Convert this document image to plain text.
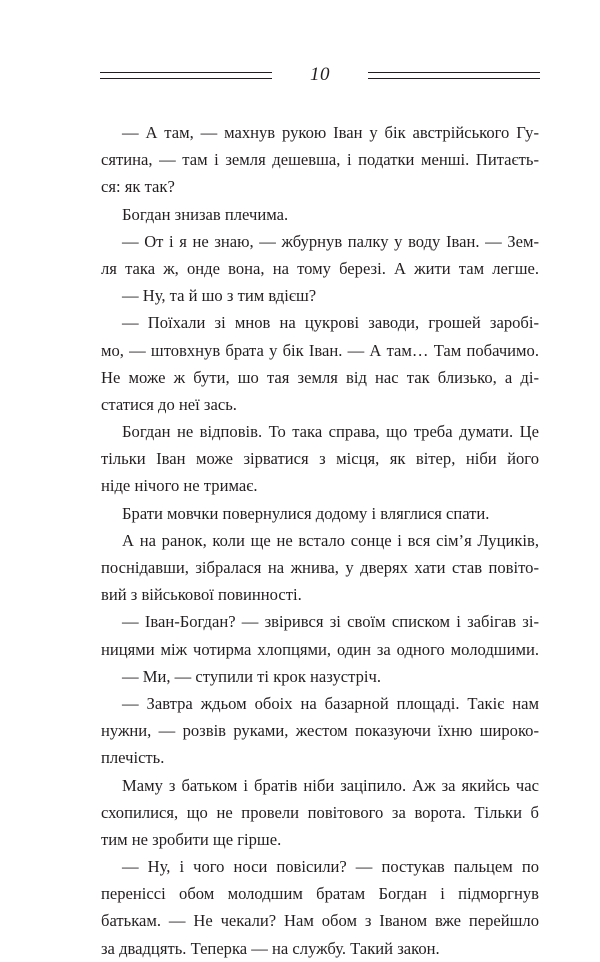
10
— А там, — махнув рукою Іван у бік австрійського Гу-
сятина, — там і земля дешевша, і податки менші. Питаєть-
ся: як так?
Богдан знизав плечима.
— От і я не знаю, — жбурнув палку у воду Іван. — Зем-
ля така ж, онде вона, на тому березі. А жити там легше.
— Ну, та й шо з тим вдієш?
— Поїхали зі мнов на цукрові заводи, грошей заробі-
мо, — штовхнув брата у бік Іван. — А там… Там побачимо.
Не може ж бути, шо тая земля від нас так близько, а ді-
статися до неї зась.
Богдан не відповів. То така справа, що треба думати. Це
тільки Іван може зірватися з місця, як вітер, ніби його
ніде нічого не тримає.
Брати мовчки повернулися додому і вляглися спати.
А на ранок, коли ще не встало сонце і вся сім’я Луциків,
поснідавши, зібралася на жнива, у дверях хати став повіто-
вий з військової повинності.
— Іван-Богдан? — звірився зі своїм списком і забігав зі-
ницями між чотирма хлопцями, один за одного молодшими.
— Ми, — ступили ті крок назустріч.
— Завтра ждьом обоіх на базарной площаді. Такіє нам
нужни, — розвів руками, жестом показуючи їхню широко-
плечість.
Маму з батьком і братів ніби заціпило. Аж за якийсь час
схопилися, що не провели повітового за ворота. Тільки б
тим не зробити ще гірше.
— Ну, і чого носи повісили? — постукав пальцем по
переніссі обом молодшим братам Богдан і підморгнув
батькам. — Не чекали? Нам обом з Іваном вже перейшло
за двадцять. Теперка — на службу. Такий закон.
